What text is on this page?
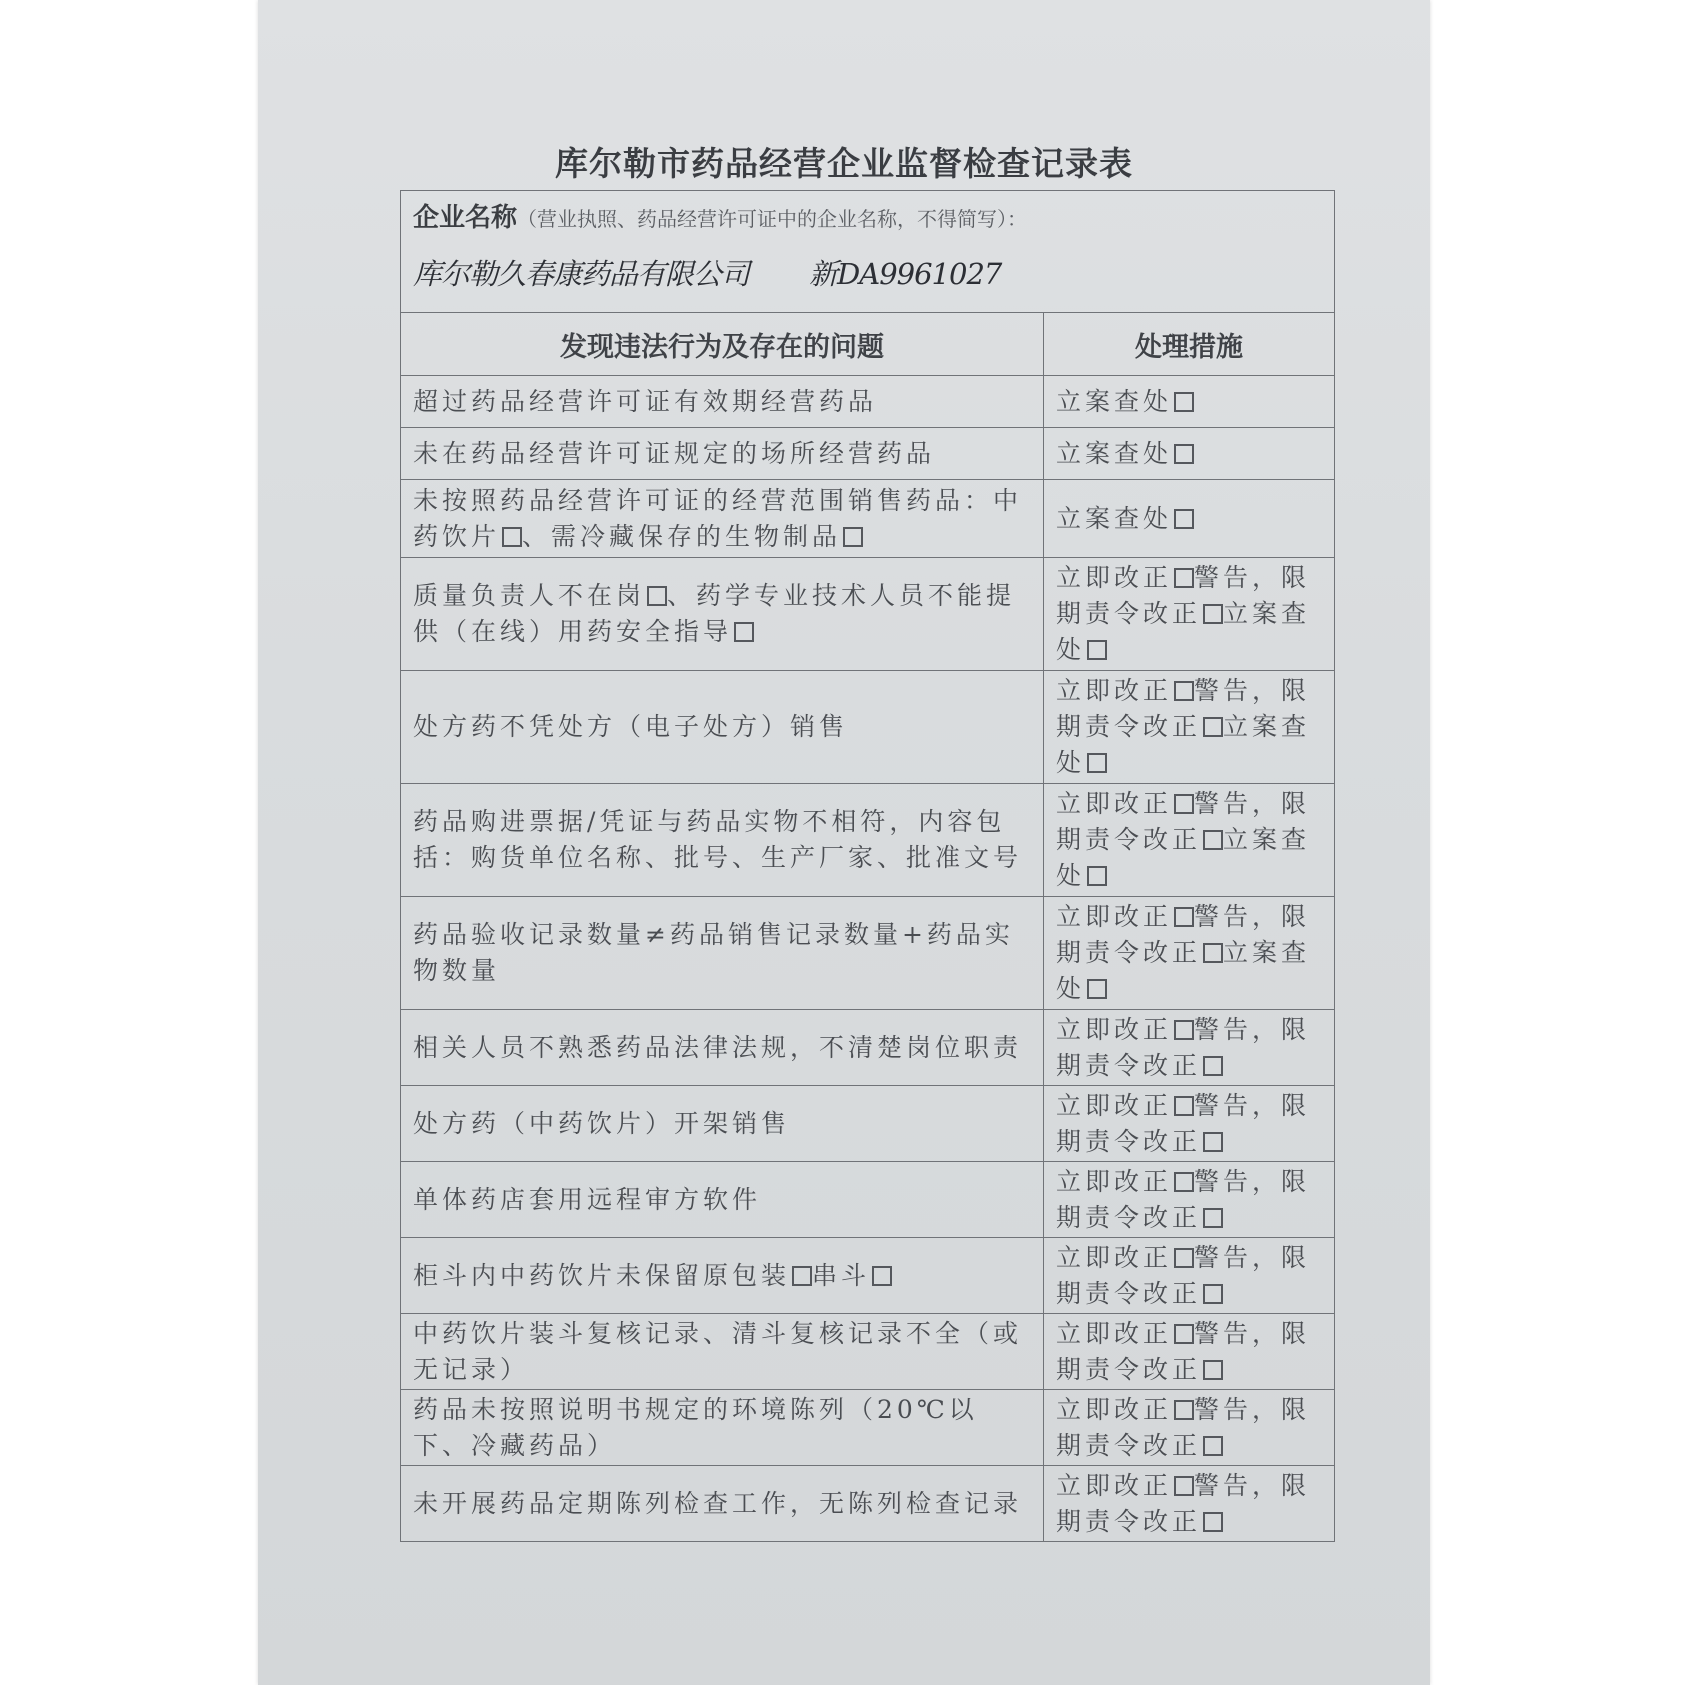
库尔勒市药品经营企业监督检查记录表
企业名称（营业执照、药品经营许可证中的企业名称，不得简写）：
库尔勒久春康药品有限公司 新DA9961027	

发现违法行为及存在的问题	处理措施
超过药品经营许可证有效期经营药品	立案查处
未在药品经营许可证规定的场所经营药品	立案查处
未按照药品经营许可证的经营范围销售药品：中药饮片 、需冷藏保存的生物制品	立案查处
质量负责人不在岗 、药学专业技术人员不能提供（在线）用药安全指导	立即改正 警告，限期责令改正 立案查处
处方药不凭处方（电子处方）销售	立即改正 警告，限期责令改正 立案查处
药品购进票据/凭证与药品实物不相符，内容包括：购货单位名称、批号、生产厂家、批准文号	立即改正 警告，限期责令改正 立案查处
药品验收记录数量≠药品销售记录数量+药品实物数量	立即改正 警告，限期责令改正 立案查处
相关人员不熟悉药品法律法规，不清楚岗位职责	立即改正 警告，限期责令改正
处方药（中药饮片）开架销售	立即改正 警告，限期责令改正
单体药店套用远程审方软件	立即改正 警告，限期责令改正
柜斗内中药饮片未保留原包装 串斗	立即改正 警告，限期责令改正
中药饮片装斗复核记录、清斗复核记录不全（或无记录）	立即改正 警告，限期责令改正
药品未按照说明书规定的环境陈列（20℃以下、冷藏药品）	立即改正 警告，限期责令改正
未开展药品定期陈列检查工作，无陈列检查记录	立即改正 警告，限期责令改正
